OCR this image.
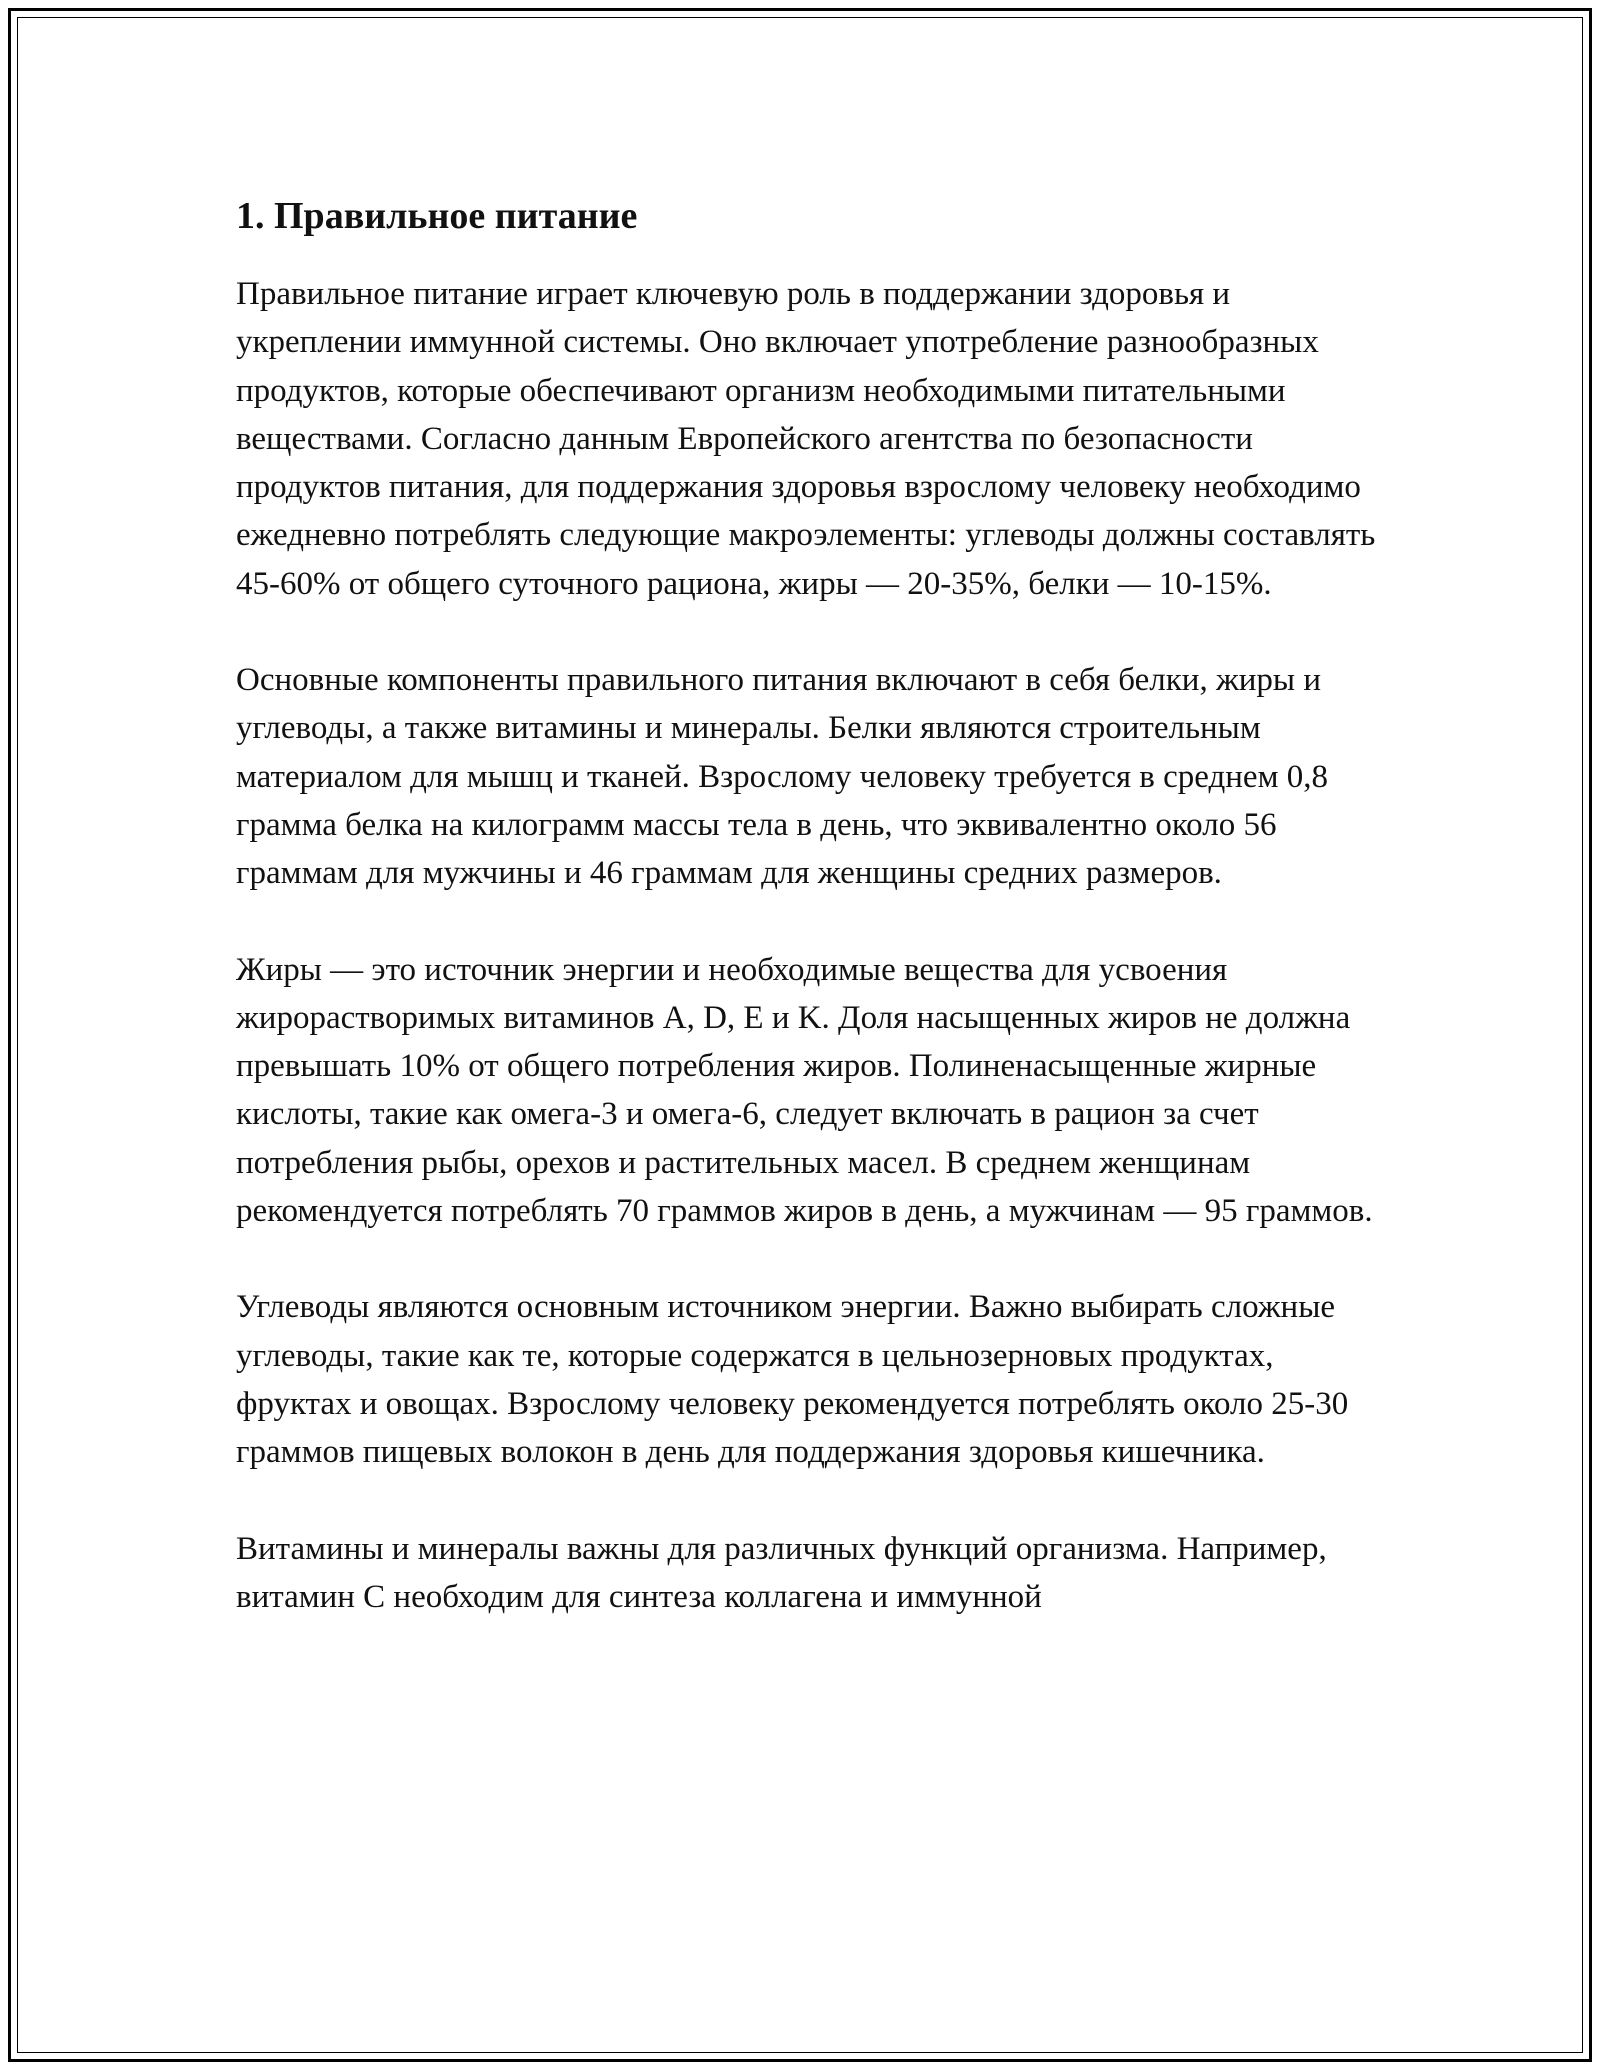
1. Правильное питание

Правильное питание играет ключевую роль в поддержании здоровья и укреплении иммунной системы. Оно включает употребление разнообразных продуктов, которые обеспечивают организм необходимыми питательными веществами. Согласно данным Европейского агентства по безопасности продуктов питания, для поддержания здоровья взрослому человеку необходимо ежедневно потреблять следующие макроэлементы: углеводы должны составлять 45-60% от общего суточного рациона, жиры — 20-35%, белки — 10-15%.

Основные компоненты правильного питания включают в себя белки, жиры и углеводы, а также витамины и минералы. Белки являются строительным материалом для мышц и тканей. Взрослому человеку требуется в среднем 0,8 грамма белка на килограмм массы тела в день, что эквивалентно около 56 граммам для мужчины и 46 граммам для женщины средних размеров.

Жиры — это источник энергии и необходимые вещества для усвоения жирорастворимых витаминов A, D, E и K. Доля насыщенных жиров не должна превышать 10% от общего потребления жиров. Полиненасыщенные жирные кислоты, такие как омега-3 и омега-6, следует включать в рацион за счет потребления рыбы, орехов и растительных масел. В среднем женщинам рекомендуется потреблять 70 граммов жиров в день, а мужчинам — 95 граммов.

Углеводы являются основным источником энергии. Важно выбирать сложные углеводы, такие как те, которые содержатся в цельнозерновых продуктах, фруктах и овощах. Взрослому человеку рекомендуется потреблять около 25-30 граммов пищевых волокон в день для поддержания здоровья кишечника.

Витамины и минералы важны для различных функций организма. Например, витамин C необходим для синтеза коллагена и иммунной
